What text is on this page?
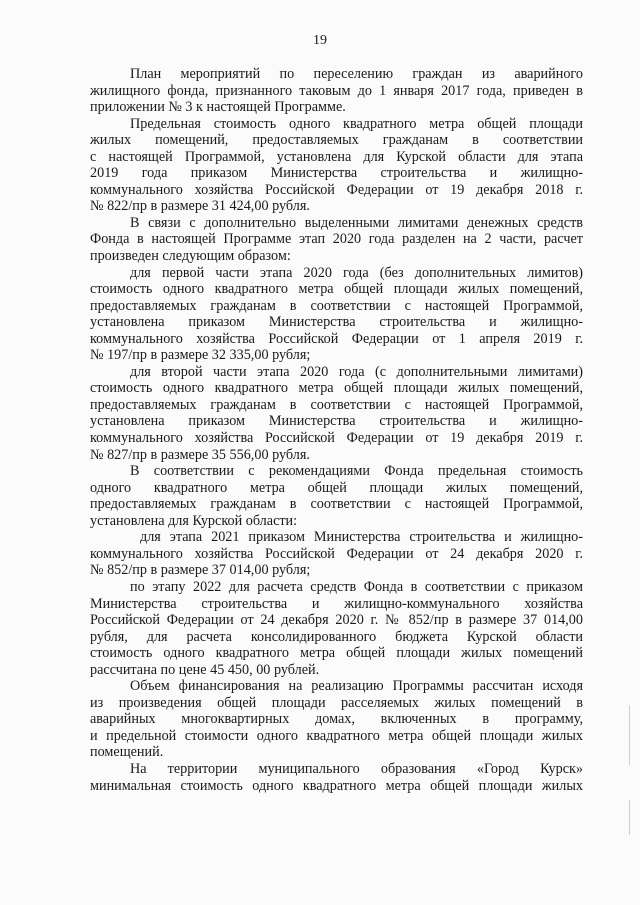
19
План мероприятий по переселению граждан из аварийного
жилищного фонда, признанного таковым до 1 января 2017 года, приведен в
приложении № 3 к настоящей Программе.
Предельная стоимость одного квадратного метра общей площади
жилых помещений, предоставляемых гражданам в соответствии
с настоящей Программой, установлена для Курской области для этапа
2019 года приказом Министерства строительства и жилищно-
коммунального хозяйства Российской Федерации от 19 декабря 2018 г.
№ 822/пр в размере 31 424,00 рубля.
В связи с дополнительно выделенными лимитами денежных средств
Фонда в настоящей Программе этап 2020 года разделен на 2 части, расчет
произведен следующим образом:
для первой части этапа 2020 года (без дополнительных лимитов)
стоимость одного квадратного метра общей площади жилых помещений,
предоставляемых гражданам в соответствии с настоящей Программой,
установлена приказом Министерства строительства и жилищно-
коммунального хозяйства Российской Федерации от 1 апреля 2019 г.
№ 197/пр в размере 32 335,00 рубля;
для второй части этапа 2020 года (с дополнительными лимитами)
стоимость одного квадратного метра общей площади жилых помещений,
предоставляемых гражданам в соответствии с настоящей Программой,
установлена приказом Министерства строительства и жилищно-
коммунального хозяйства Российской Федерации от 19 декабря 2019 г.
№ 827/пр в размере 35 556,00 рубля.
В соответствии с рекомендациями Фонда предельная стоимость
одного квадратного метра общей площади жилых помещений,
предоставляемых гражданам в соответствии с настоящей Программой,
установлена для Курской области:
для этапа 2021 приказом Министерства строительства и жилищно-
коммунального хозяйства Российской Федерации от 24 декабря 2020 г.
№ 852/пр в размере 37 014,00 рубля;
по этапу 2022 для расчета средств Фонда в соответствии с приказом
Министерства строительства и жилищно-коммунального хозяйства
Российской Федерации от 24 декабря 2020 г. № 852/пр в размере 37 014,00
рубля, для расчета консолидированного бюджета Курской области
стоимость одного квадратного метра общей площади жилых помещений
рассчитана по цене 45 450, 00 рублей.
Объем финансирования на реализацию Программы рассчитан исходя
из произведения общей площади расселяемых жилых помещений в
аварийных многоквартирных домах, включенных в программу,
и предельной стоимости одного квадратного метра общей площади жилых
помещений.
На территории муниципального образования «Город Курск»
минимальная стоимость одного квадратного метра общей площади жилых
